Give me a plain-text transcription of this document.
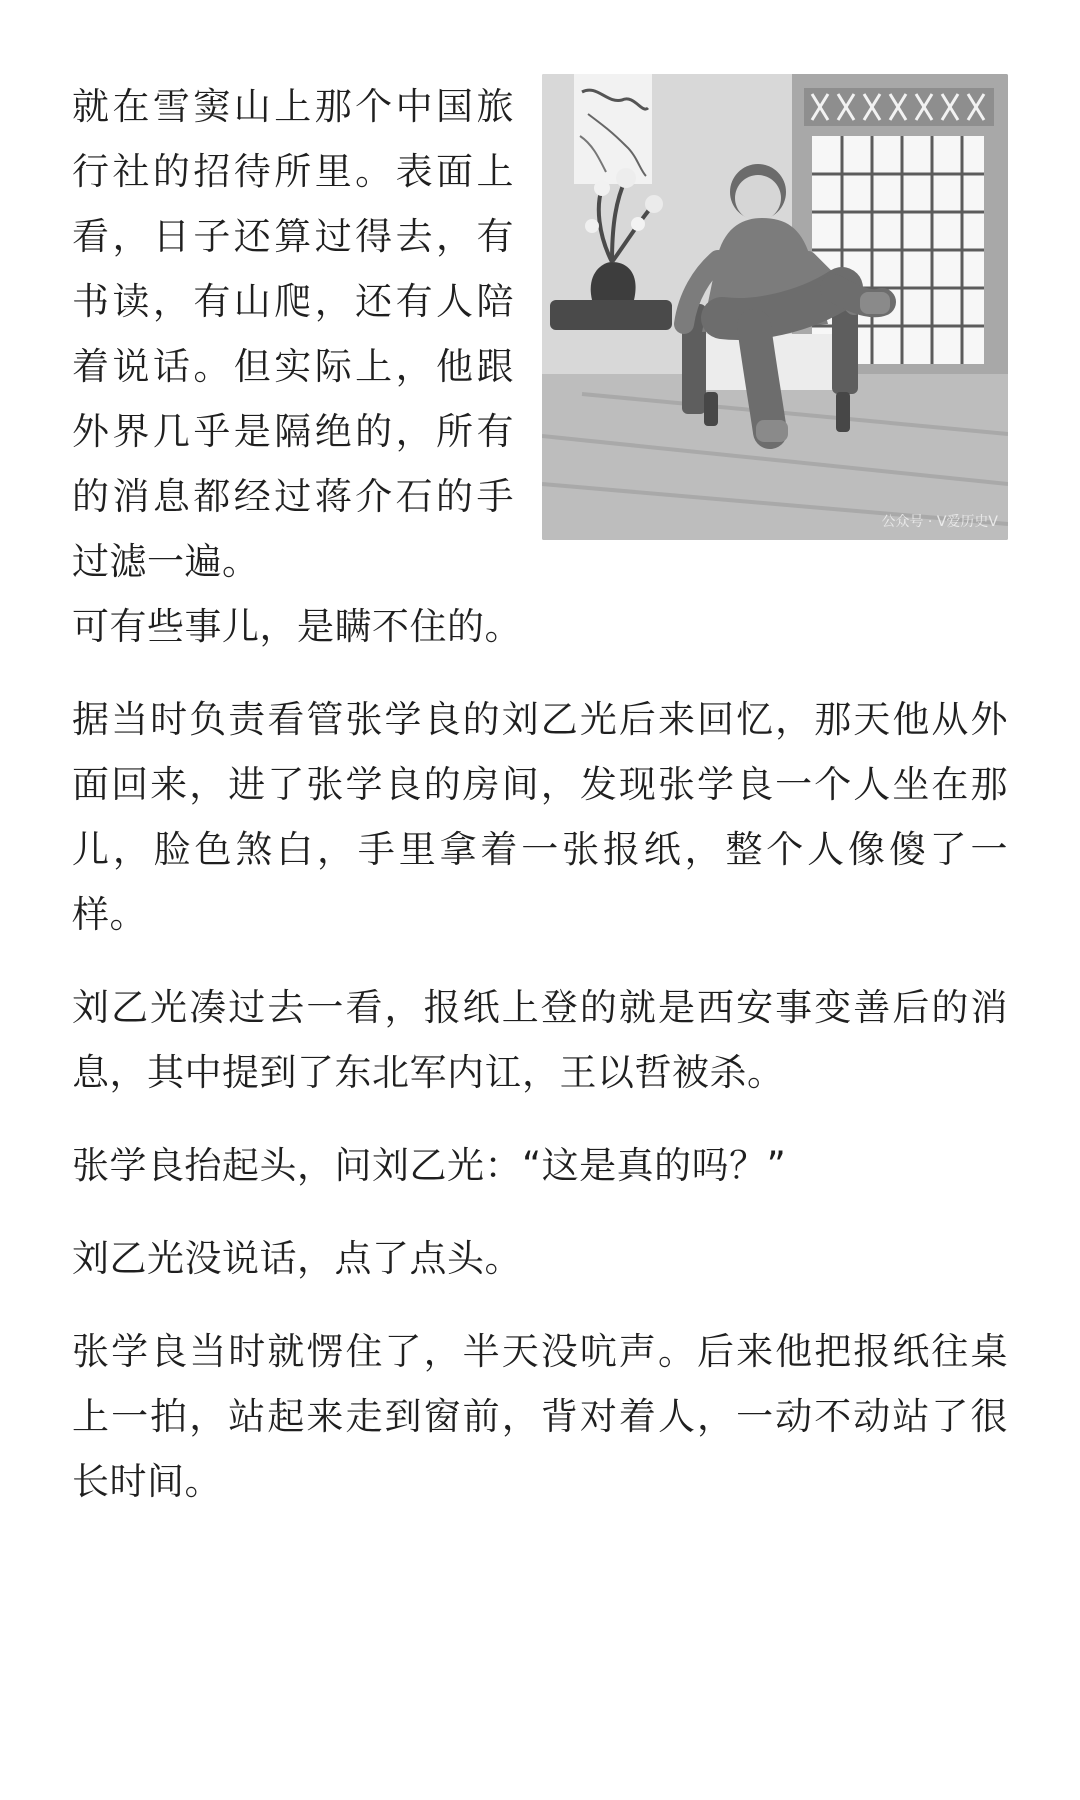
公众号 · V爱历史V

就在雪窦山上那个中国旅行社的招待所里。表面上看，日子还算过得去，有书读，有山爬，还有人陪着说话。但实际上，他跟外界几乎是隔绝的，所有的消息都经过蒋介石的手过滤一遍。

可有些事儿，是瞒不住的。

据当时负责看管张学良的刘乙光后来回忆，那天他从外面回来，进了张学良的房间，发现张学良一个人坐在那儿，脸色煞白，手里拿着一张报纸，整个人像傻了一样。

刘乙光凑过去一看，报纸上登的就是西安事变善后的消息，其中提到了东北军内讧，王以哲被杀。

张学良抬起头，问刘乙光：“这是真的吗？”

刘乙光没说话，点了点头。

张学良当时就愣住了，半天没吭声。后来他把报纸往桌上一拍，站起来走到窗前，背对着人，一动不动站了很长时间。
